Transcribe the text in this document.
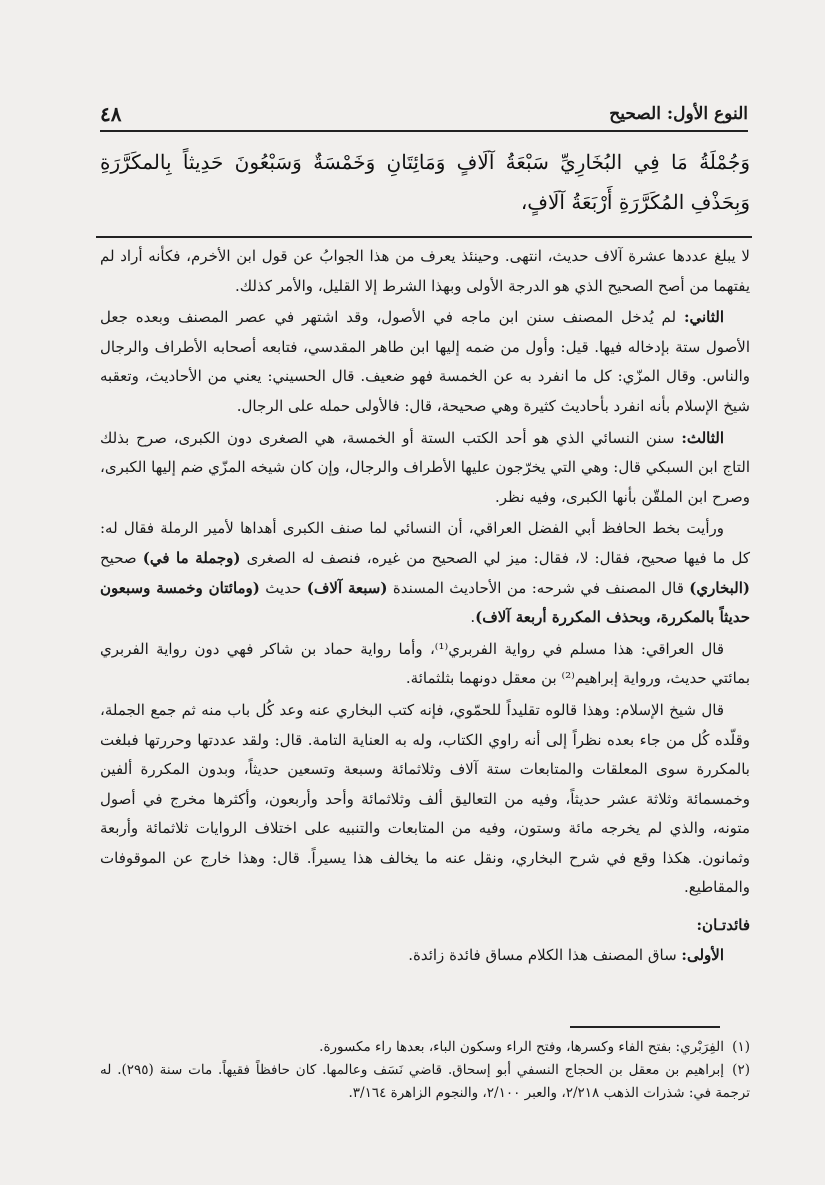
النوع الأول: الصحيح
٤٨
وَجُمْلَةُ مَا فِي البُخَارِيِّ سَبْعَةُ آلَافٍ وَمَائِتَانِ وَخَمْسَةٌ وَسَبْعُونَ حَدِيثاً بِالمكَرَّرَةِ وَبِحَذْفِ المُكَرَّرَةِ أَرْبَعَةُ آلَافٍ،

لا يبلغ عددها عشرة آلاف حديث، انتهى. وحينئذ يعرف من هذا الجوابُ عن قول ابن الأخرم، فكأنه أراد لم يفتهما من أصح الصحيح الذي هو الدرجة الأولى وبهذا الشرط إلا القليل، والأمر كذلك.

الثاني: لم يُدخل المصنف سنن ابن ماجه في الأصول، وقد اشتهر في عصر المصنف وبعده جعل الأصول ستة بإدخاله فيها. قيل: وأول من ضمه إليها ابن طاهر المقدسي، فتابعه أصحابه الأطراف والرجال والناس. وقال المزّي: كل ما انفرد به عن الخمسة فهو ضعيف. قال الحسيني: يعني من الأحاديث، وتعقبه شيخ الإسلام بأنه انفرد بأحاديث كثيرة وهي صحيحة، قال: فالأولى حمله على الرجال.

الثالث: سنن النسائي الذي هو أحد الكتب الستة أو الخمسة، هي الصغرى دون الكبرى، صرح بذلك التاج ابن السبكي قال: وهي التي يخرّجون عليها الأطراف والرجال، وإن كان شيخه المزّي ضم إليها الكبرى، وصرح ابن الملقّن بأنها الكبرى، وفيه نظر.

ورأيت بخط الحافظ أبي الفضل العراقي، أن النسائي لما صنف الكبرى أهداها لأمير الرملة فقال له: كل ما فيها صحيح، فقال: لا، فقال: ميز لي الصحيح من غيره، فنصف له الصغرى (وجملة ما في) صحيح (البخاري) قال المصنف في شرحه: من الأحاديث المسندة (سبعة آلاف) حديث (ومائتان وخمسة وسبعون حديثاً بالمكررة، وبحذف المكررة أربعة آلاف).

قال العراقي: هذا مسلم في رواية الفربري⁽¹⁾، وأما رواية حماد بن شاكر فهي دون رواية الفربري بمائتي حديث، ورواية إبراهيم⁽²⁾ بن معقل دونهما بثلثمائة.

قال شيخ الإسلام: وهذا قالوه تقليداً للحمّوي، فإنه كتب البخاري عنه وعد كُل باب منه ثم جمع الجملة، وقلّده كُل من جاء بعده نظراً إلى أنه راوي الكتاب، وله به العناية التامة. قال: ولقد عددتها وحررتها فبلغت بالمكررة سوى المعلقات والمتابعات ستة آلاف وثلاثمائة وسبعة وتسعين حديثاً، وبدون المكررة ألفين وخمسمائة وثلاثة عشر حديثاً، وفيه من التعاليق ألف وثلاثمائة وأحد وأربعون، وأكثرها مخرج في أصول متونه، والذي لم يخرجه مائة وستون، وفيه من المتابعات والتنبيه على اختلاف الروايات ثلاثمائة وأربعة وثمانون. هكذا وقع في شرح البخاري، ونقل عنه ما يخالف هذا يسيراً. قال: وهذا خارج عن الموقوفات والمقاطيع.

فائدتـان:

الأولى: ساق المصنف هذا الكلام مساق فائدة زائدة.

(١)الفِرَبْري: بفتح الفاء وكسرها، وفتح الراء وسكون الباء، بعدها راء مكسورة.

(٢)إبراهيم بن معقل بن الحجاج النسفي أبو إسحاق. قاضي نَسَف وعالمها. كان حافظاً فقيهاً. مات سنة (٢٩٥). له ترجمة في: شذرات الذهب ٢/٢١٨، والعبر ٢/١٠٠، والنجوم الزاهرة ٣/١٦٤.
